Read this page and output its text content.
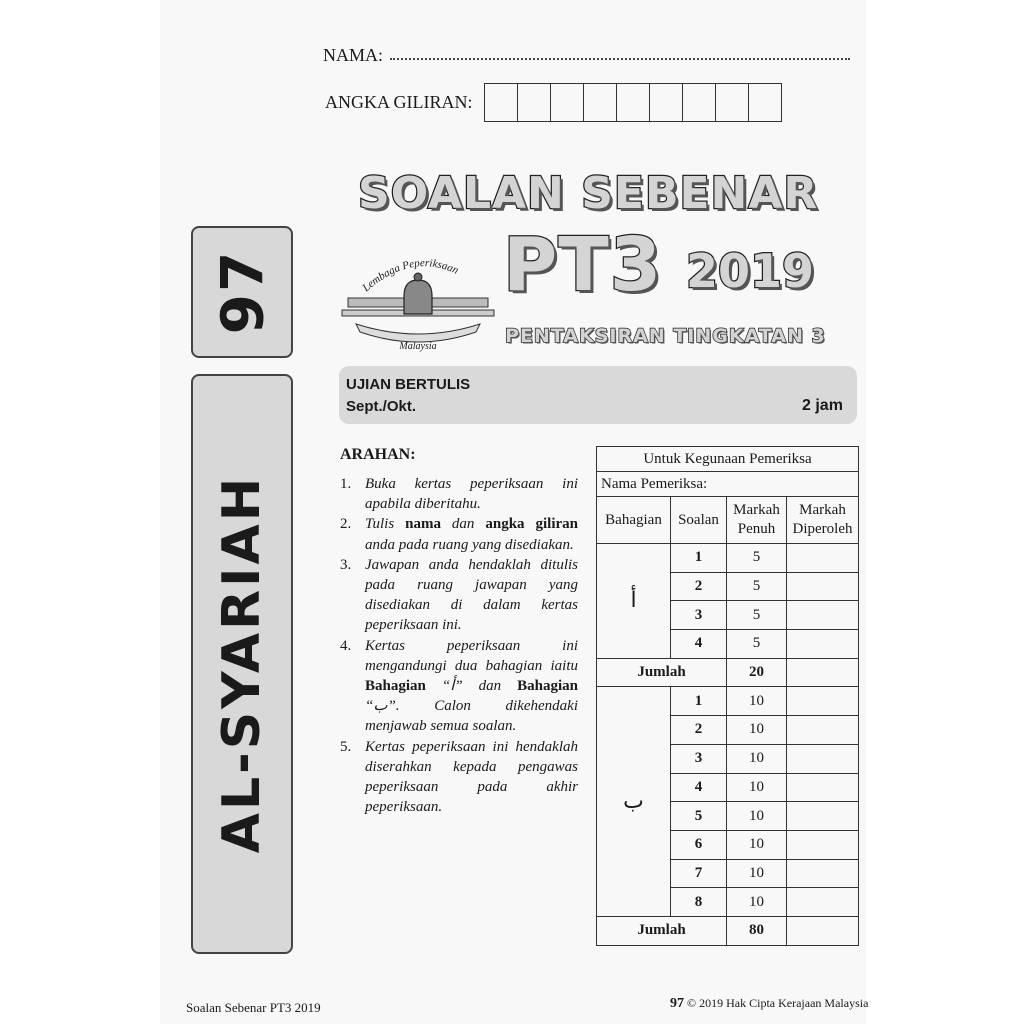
NAMA:
ANGKA GILIRAN:
97
AL-SYARIAH
SOALAN SEBENAR
PT3 2019
PENTAKSIRAN TINGKATAN 3
Lembaga Peperiksaan
Malaysia
UJIAN BERTULIS
Sept./Okt.	2 jam
ARAHAN:
1. Buka kertas peperiksaan ini apabila diberitahu.
2. Tulis nama dan angka giliran anda pada ruang yang disediakan.
3. Jawapan anda hendaklah ditulis pada ruang jawapan yang disediakan di dalam kertas peperiksaan ini.
4. Kertas peperiksaan ini mengandungi dua bahagian iaitu Bahagian “أ” dan Bahagian “ب”. Calon dikehendaki menjawab semua soalan.
5. Kertas peperiksaan ini hendaklah diserahkan kepada pengawas peperiksaan pada akhir peperiksaan.
Untuk Kegunaan Pemeriksa			
Nama Pemeriksa:			
Bahagian	Soalan	Markah Penuh	Markah Diperoleh
أ	1	5	
	2	5	
	3	5	
	4	5	
Jumlah		20	
ب	1	10	
	2	10	
	3	10	
	4	10	
	5	10	
	6	10	
	7	10	
	8	10	
Jumlah		80	
Soalan Sebenar PT3 2019	97 © 2019 Hak Cipta Kerajaan Malaysia
